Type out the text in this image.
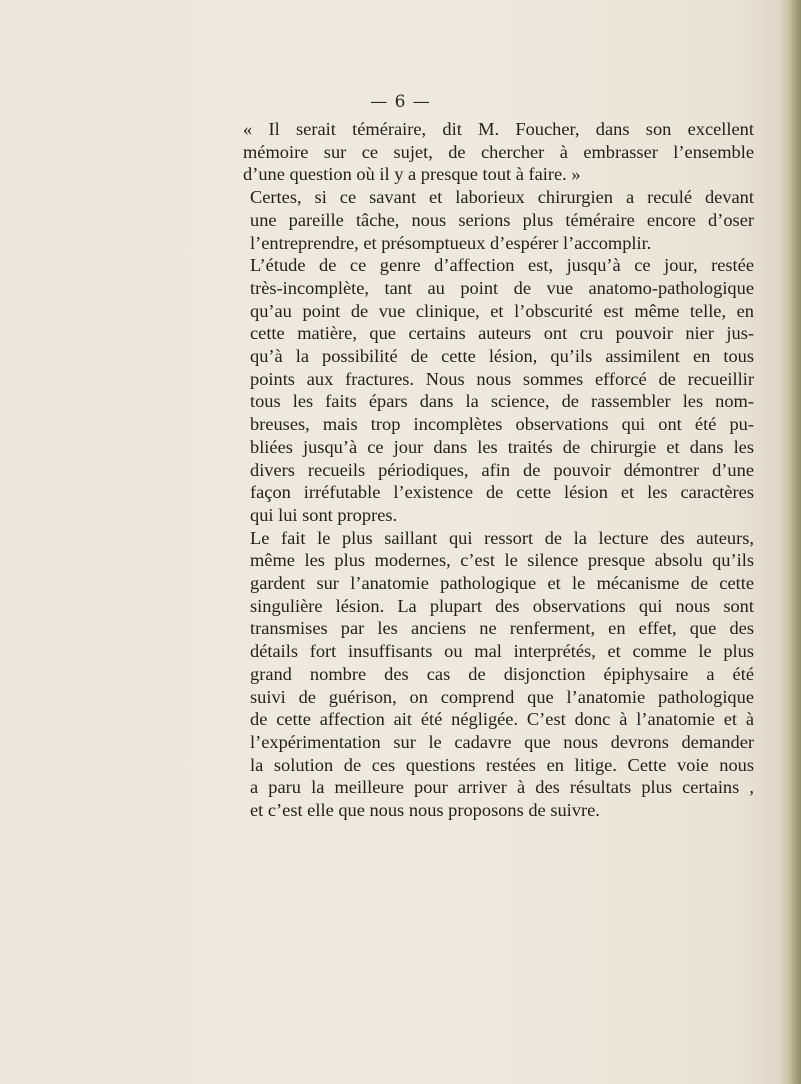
— 6 —
« Il serait téméraire, dit M. Foucher, dans son excellent
mémoire sur ce sujet, de chercher à embrasser l’ensemble
d’une question où il y a presque tout à faire. »
Certes, si ce savant et laborieux chirurgien a reculé devant
une pareille tâche, nous serions plus téméraire encore d’oser
l’entreprendre, et présomptueux d’espérer l’accomplir.
L’étude de ce genre d’affection est, jusqu’à ce jour, restée
très-incomplète, tant au point de vue anatomo-pathologique
qu’au point de vue clinique, et l’obscurité est même telle, en
cette matière, que certains auteurs ont cru pouvoir nier jus-
qu’à la possibilité de cette lésion, qu’ils assimilent en tous
points aux fractures. Nous nous sommes efforcé de recueillir
tous les faits épars dans la science, de rassembler les nom-
breuses, mais trop incomplètes observations qui ont été pu-
bliées jusqu’à ce jour dans les traités de chirurgie et dans les
divers recueils périodiques, afin de pouvoir démontrer d’une
façon irréfutable l’existence de cette lésion et les caractères
qui lui sont propres.
Le fait le plus saillant qui ressort de la lecture des auteurs,
même les plus modernes, c’est le silence presque absolu qu’ils
gardent sur l’anatomie pathologique et le mécanisme de cette
singulière lésion. La plupart des observations qui nous sont
transmises par les anciens ne renferment, en effet, que des
détails fort insuffisants ou mal interprétés, et comme le plus
grand nombre des cas de disjonction épiphysaire a été
suivi de guérison, on comprend que l’anatomie pathologique
de cette affection ait été négligée. C’est donc à l’anatomie et à
l’expérimentation sur le cadavre que nous devrons demander
la solution de ces questions restées en litige. Cette voie nous
a paru la meilleure pour arriver à des résultats plus certains ,
et c’est elle que nous nous proposons de suivre.
